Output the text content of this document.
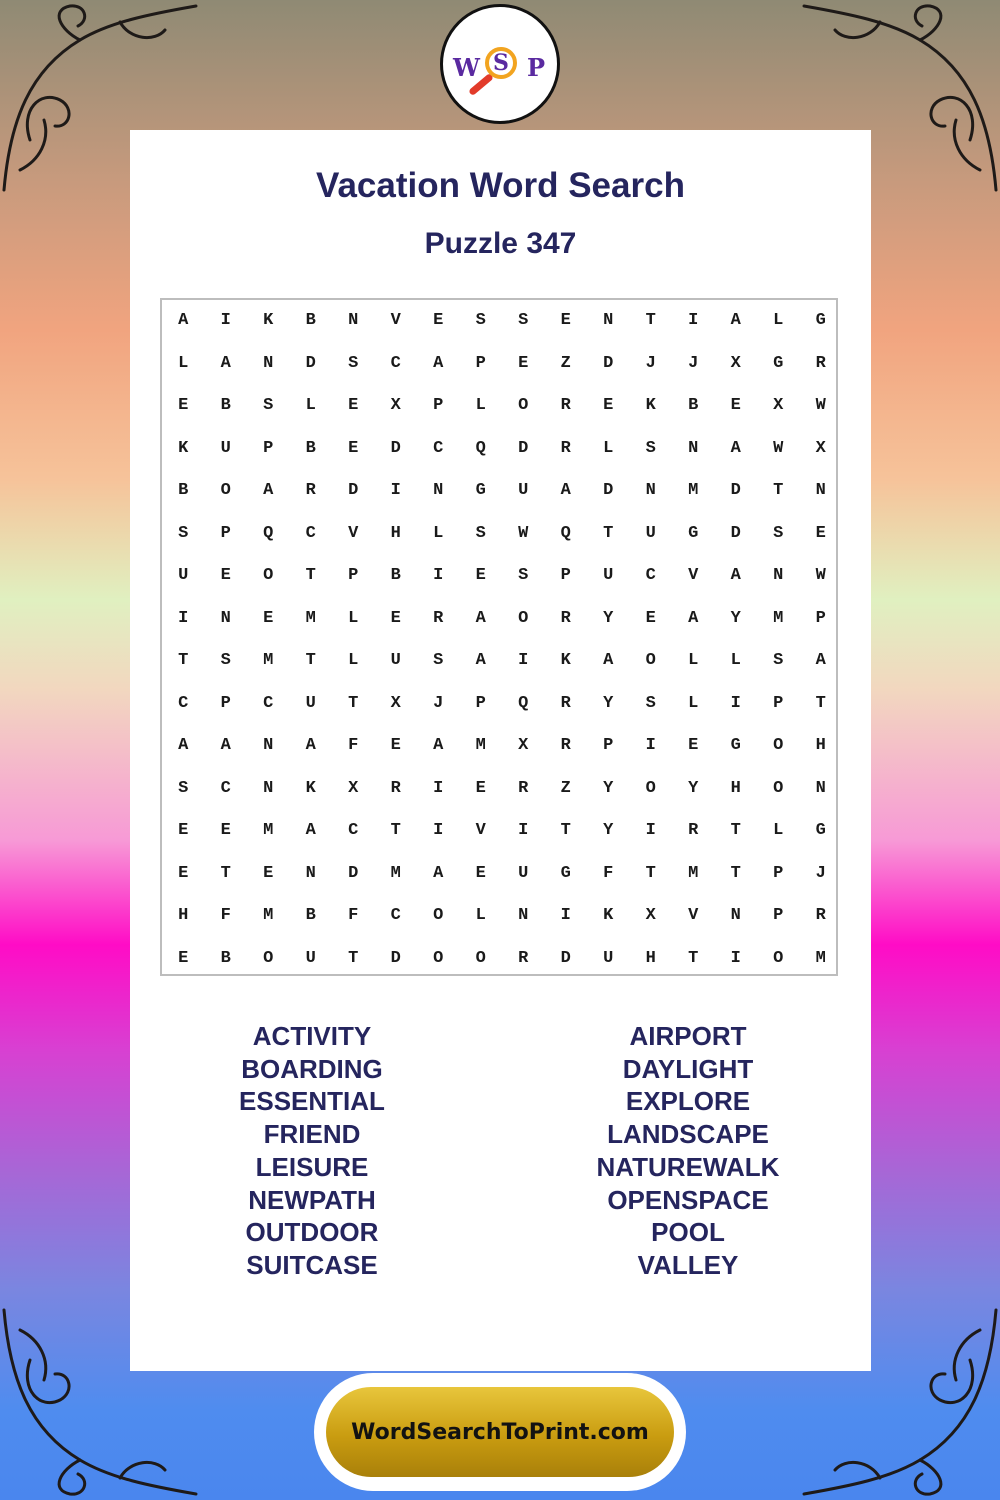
W S P
Vacation Word Search
Puzzle 347
A	I	K	B	N	V	E	S	S	E	N	T	I	A	L	G
L	A	N	D	S	C	A	P	E	Z	D	J	J	X	G	R
E	B	S	L	E	X	P	L	O	R	E	K	B	E	X	W
K	U	P	B	E	D	C	Q	D	R	L	S	N	A	W	X
B	O	A	R	D	I	N	G	U	A	D	N	M	D	T	N
S	P	Q	C	V	H	L	S	W	Q	T	U	G	D	S	E
U	E	O	T	P	B	I	E	S	P	U	C	V	A	N	W
I	N	E	M	L	E	R	A	O	R	Y	E	A	Y	M	P
T	S	M	T	L	U	S	A	I	K	A	O	L	L	S	A
C	P	C	U	T	X	J	P	Q	R	Y	S	L	I	P	T
A	A	N	A	F	E	A	M	X	R	P	I	E	G	O	H
S	C	N	K	X	R	I	E	R	Z	Y	O	Y	H	O	N
E	E	M	A	C	T	I	V	I	T	Y	I	R	T	L	G
E	T	E	N	D	M	A	E	U	G	F	T	M	T	P	J
H	F	M	B	F	C	O	L	N	I	K	X	V	N	P	R
E	B	O	U	T	D	O	O	R	D	U	H	T	I	O	M
ACTIVITY
BOARDING
ESSENTIAL
FRIEND
LEISURE
NEWPATH
OUTDOOR
SUITCASE
AIRPORT
DAYLIGHT
EXPLORE
LANDSCAPE
NATUREWALK
OPENSPACE
POOL
VALLEY
WordSearchToPrint.com
